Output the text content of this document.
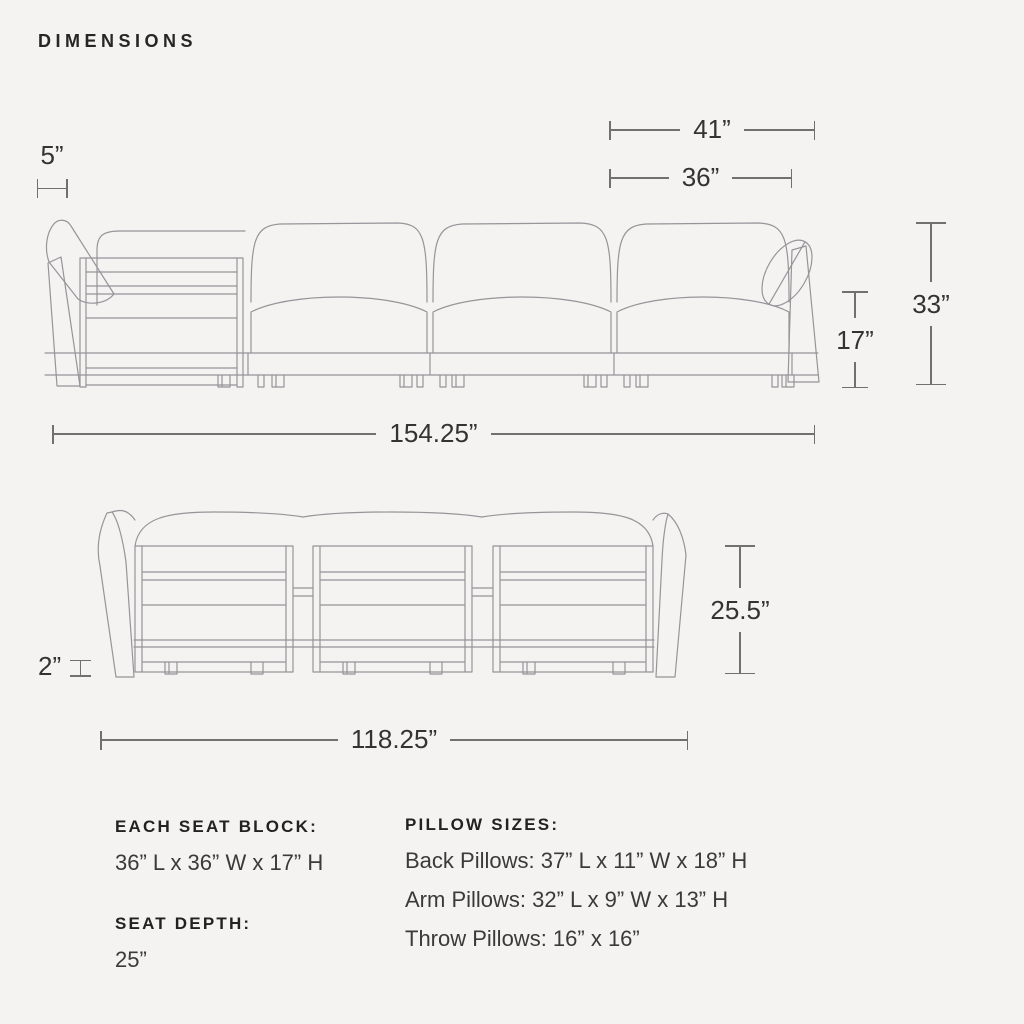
DIMENSIONS
5”
41”
36”
33”
17”
154.25”
2”
25.5”
118.25”
EACH SEAT BLOCK:

36” L x 36” W x 17” H

SEAT DEPTH:

25”

PILLOW SIZES:

Back Pillows: 37” L x 11” W x 18” H

Arm Pillows: 32” L x 9” W x 13” H

Throw Pillows: 16” x 16”
